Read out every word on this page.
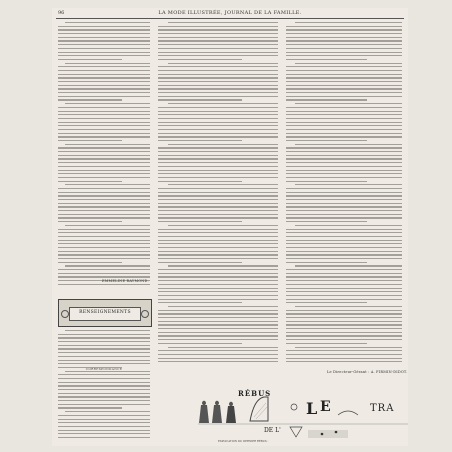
96	LA MODE ILLUSTRÉE, JOURNAL DE LA FAMILLE.
EMMELINE RAYMOND.
RENSEIGNEMENTS
CORRESPONDANCE
Le Directeur-Gérant : A. FIRMIN-DIDOT.
RÉBUS
L E	TRA
DE L'
EXPLICATION DU DERNIER RÉBUS :
